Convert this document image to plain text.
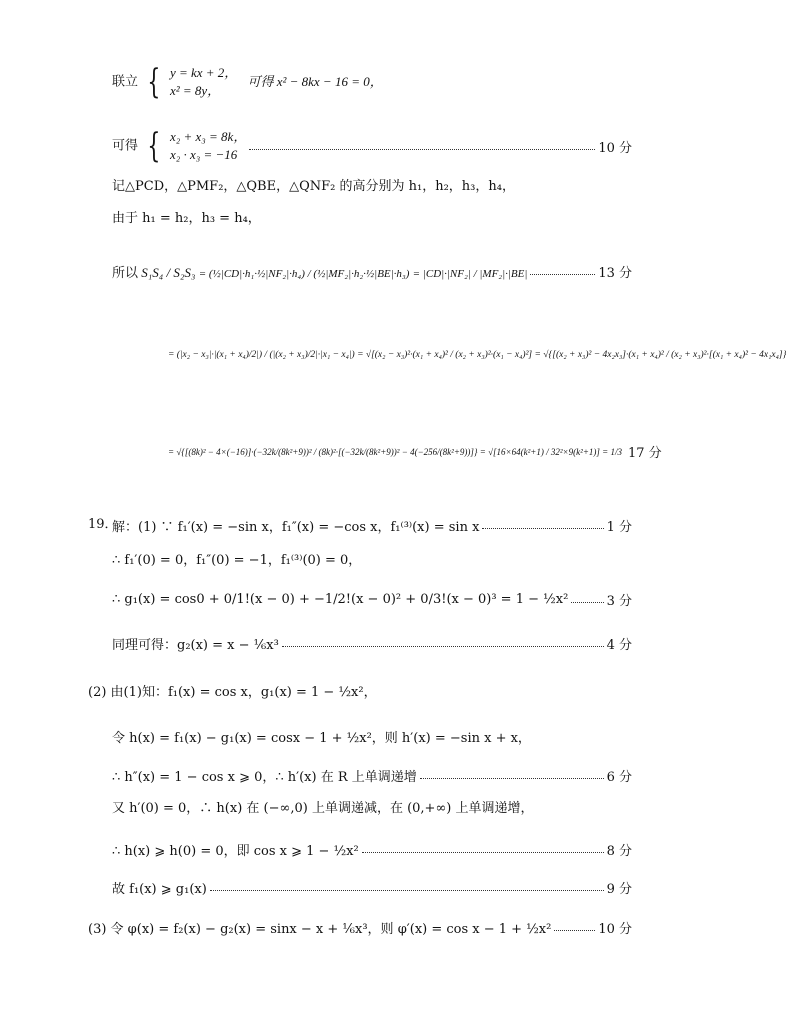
联立 { y = kx + 2，
x² = 8y，
可得 x² − 8kx − 16 = 0，
可得 { x₂ + x₃ = 8k，
x₂ · x₃ = −16	10 分
记△PCD，△PMF₂，△QBE，△QNF₂ 的高分别为 h₁，h₂，h₃，h₄，
由于 h₁ = h₂，h₃ = h₄，
所以 S₁S₄ / S₂S₃ = (½|CD|·h₁·½|NF₂|·h₄) / (½|MF₂|·h₂·½|BE|·h₃) = |CD|·|NF₂| / |MF₂|·|BE|	13 分
= (|x₂ − x₃|·|(x₁ + x₄)/2|) / (|(x₂ + x₃)/2|·|x₁ − x₄|) = √[(x₂ − x₃)²·(x₁ + x₄)² / (x₂ + x₃)²·(x₁ − x₄)²] = √{[(x₂ + x₃)² − 4x₂x₃]·(x₁ + x₄)² / (x₂ + x₃)²·[(x₁ + x₄)² − 4x₁x₄]}
= √{[(8k)² − 4×(−16)]·(−32k/(8k²+9))² / (8k)²·[(−32k/(8k²+9))² − 4(−256/(8k²+9))]} = √[16×64(k²+1) / 32²×9(k²+1)] = 1/3 17 分
19．
解：(1) ∵ f₁′(x) = −sin x，f₁″(x) = −cos x，f₁⁽³⁾(x) = sin x	1 分
∴ f₁′(0) = 0，f₁″(0) = −1，f₁⁽³⁾(0) = 0，
∴ g₁(x) = cos0 + 0/1!(x − 0) + −1/2!(x − 0)² + 0/3!(x − 0)³ = 1 − ½x²	3 分
同理可得：g₂(x) = x − ⅙x³	4 分
(2) 由(1)知：f₁(x) = cos x，g₁(x) = 1 − ½x²，
令 h(x) = f₁(x) − g₁(x) = cosx − 1 + ½x²，则 h′(x) = −sin x + x，
∴ h″(x) = 1 − cos x ⩾ 0，∴ h′(x) 在 R 上单调递增	6 分
又 h′(0) = 0，∴ h(x) 在 (−∞,0) 上单调递减，在 (0,+∞) 上单调递增，
∴ h(x) ⩾ h(0) = 0，即 cos x ⩾ 1 − ½x²	8 分
故 f₁(x) ⩾ g₁(x)	9 分
(3) 令 φ(x) = f₂(x) − g₂(x) = sinx − x + ⅙x³，则 φ′(x) = cos x − 1 + ½x²	10 分
